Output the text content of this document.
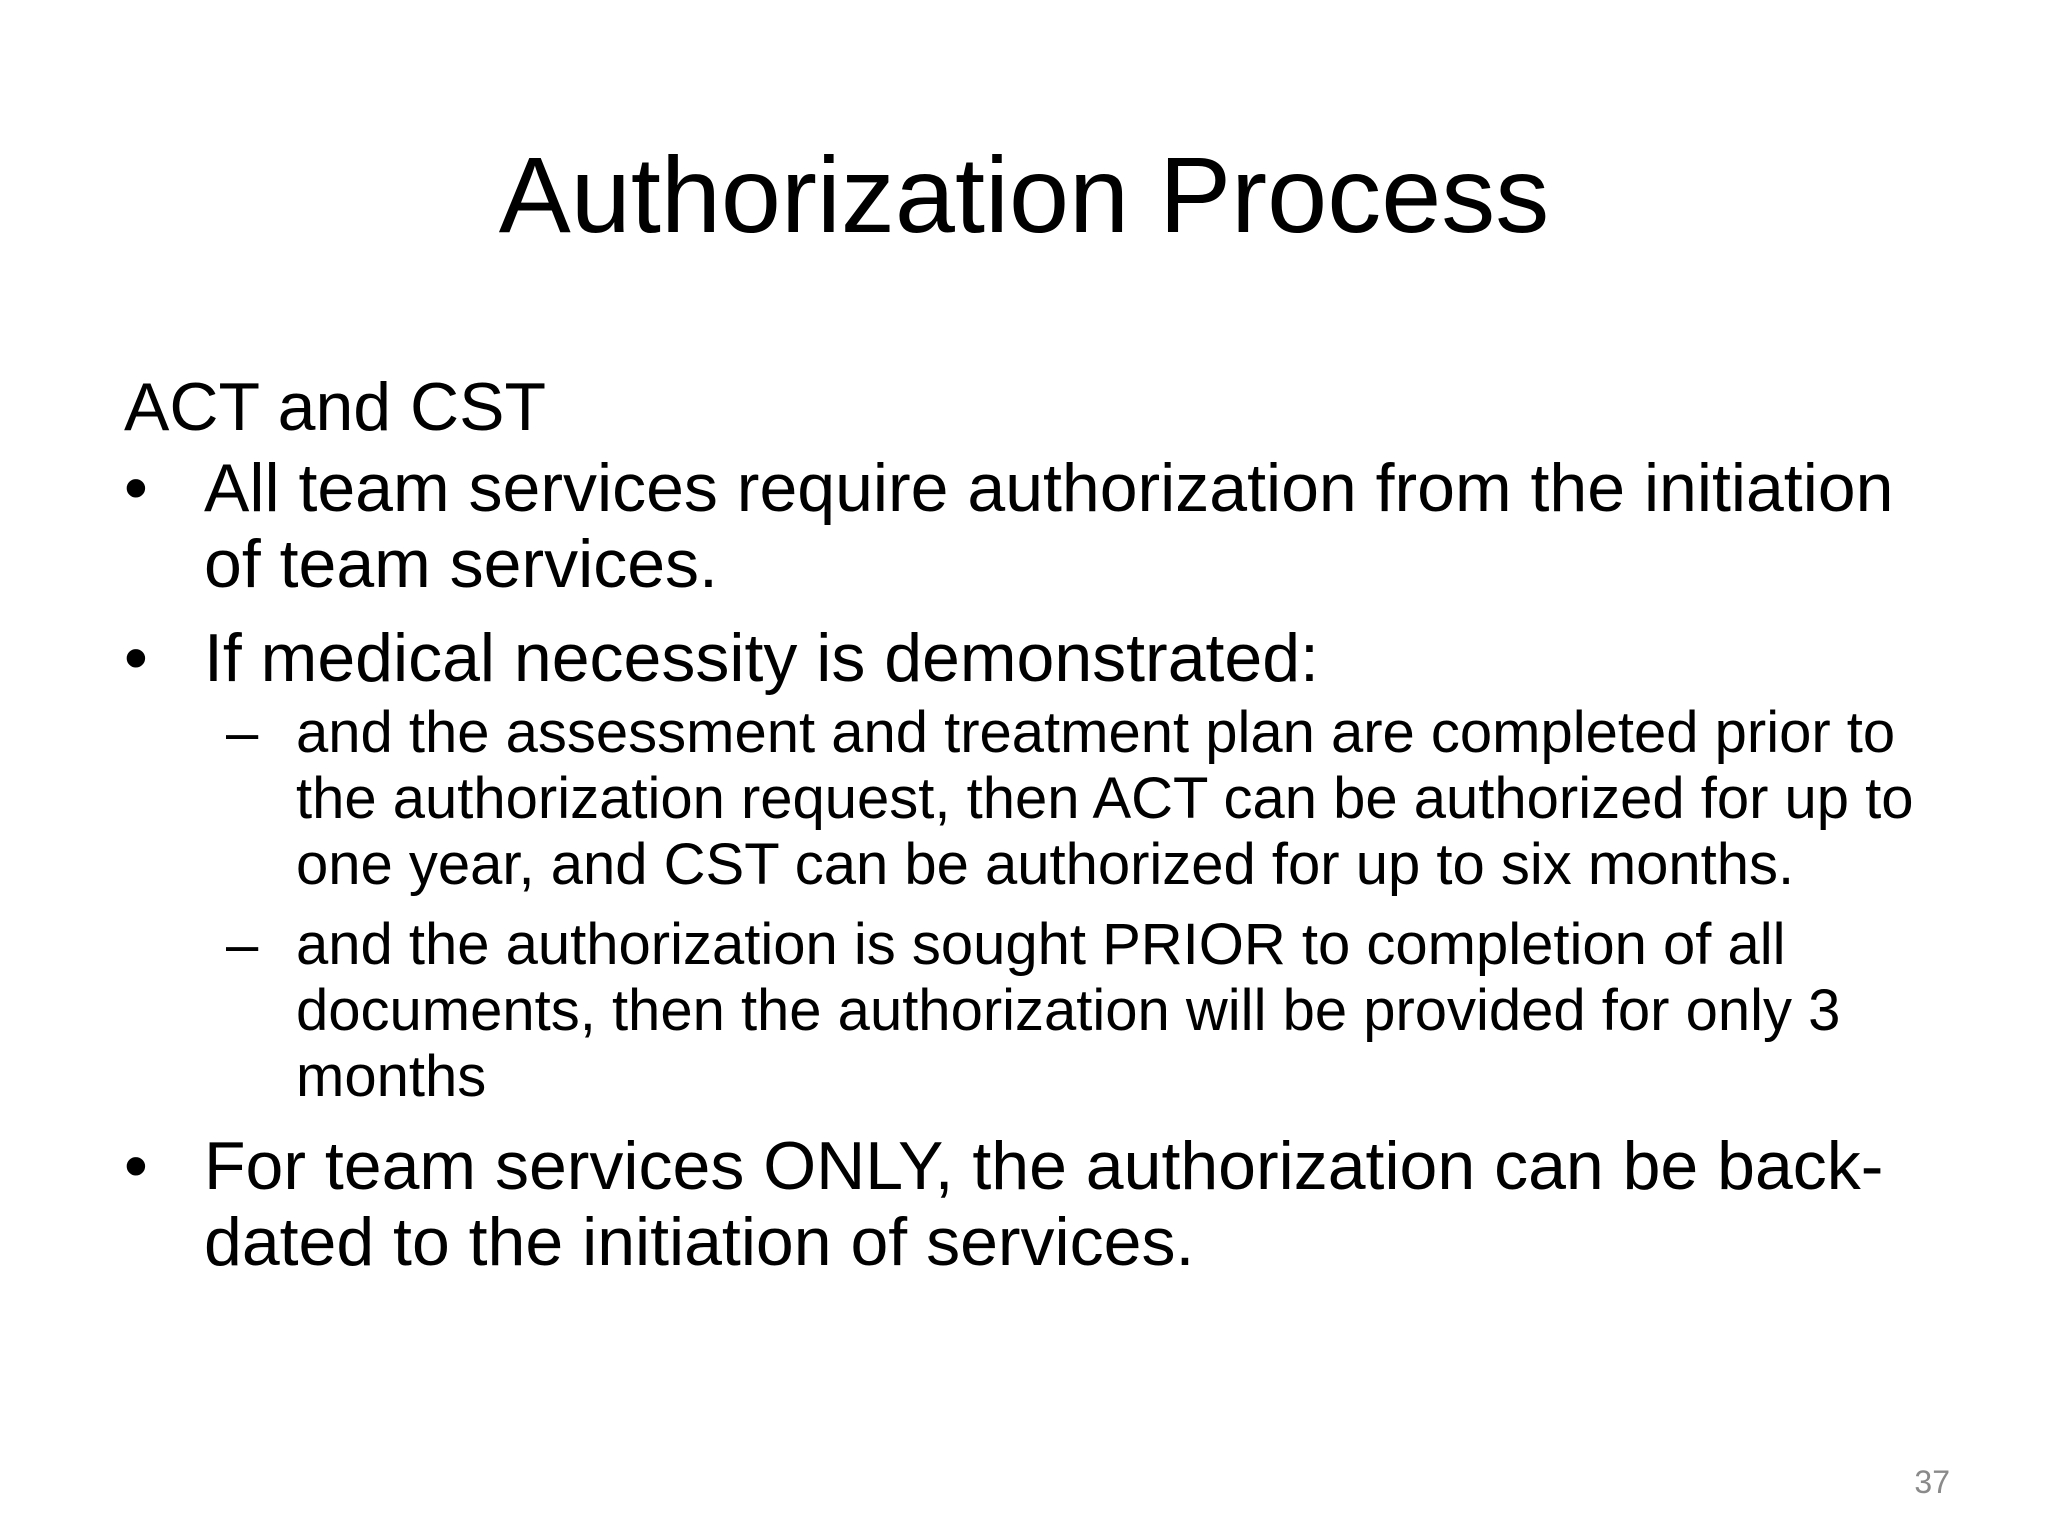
Authorization Process
ACT and CST
• All team services require authorization from the initiation of team services.
• If medical necessity is demonstrated:
– and the assessment and treatment plan are completed prior to the authorization request, then ACT can be authorized for up to one year, and CST can be authorized for up to six months.
– and the authorization is sought PRIOR to completion of all documents, then the authorization will be provided for only 3 months
• For team services ONLY, the authorization can be back-dated to the initiation of services.
37
